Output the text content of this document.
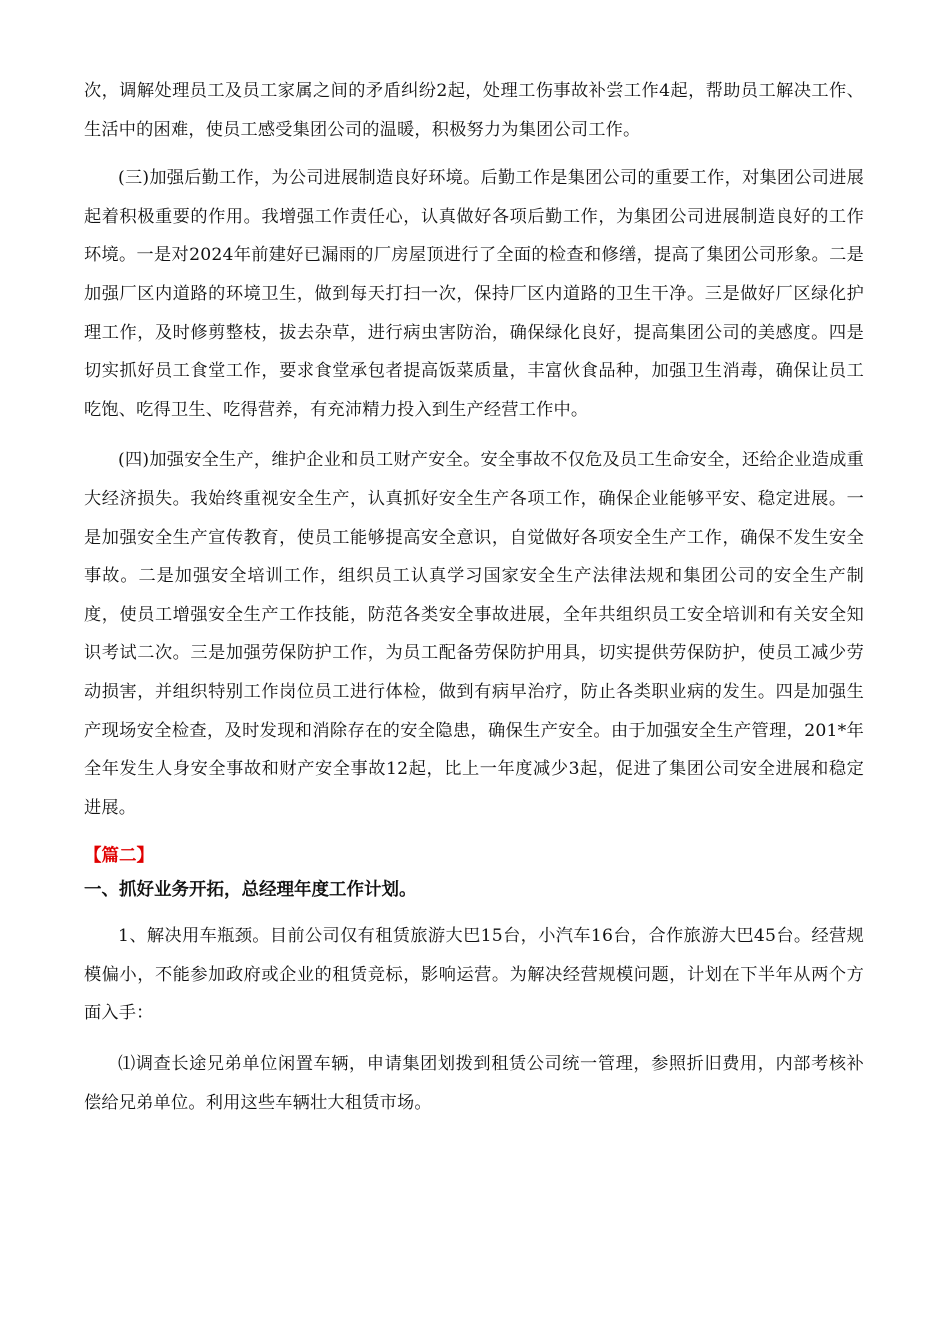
次，调解处理员工及员工家属之间的矛盾纠纷2起，处理工伤事故补尝工作4起，帮助员工解决工作、生活中的困难，使员工感受集团公司的温暖，积极努力为集团公司工作。

(三)加强后勤工作，为公司进展制造良好环境。后勤工作是集团公司的重要工作，对集团公司进展起着积极重要的作用。我增强工作责任心，认真做好各项后勤工作，为集团公司进展制造良好的工作环境。一是对2024年前建好已漏雨的厂房屋顶进行了全面的检查和修缮，提高了集团公司形象。二是加强厂区内道路的环境卫生，做到每天打扫一次，保持厂区内道路的卫生干净。三是做好厂区绿化护理工作，及时修剪整枝，拔去杂草，进行病虫害防治，确保绿化良好，提高集团公司的美感度。四是切实抓好员工食堂工作，要求食堂承包者提高饭菜质量，丰富伙食品种，加强卫生消毒，确保让员工吃饱、吃得卫生、吃得营养，有充沛精力投入到生产经营工作中。

(四)加强安全生产，维护企业和员工财产安全。安全事故不仅危及员工生命安全，还给企业造成重大经济损失。我始终重视安全生产，认真抓好安全生产各项工作，确保企业能够平安、稳定进展。一是加强安全生产宣传教育，使员工能够提高安全意识，自觉做好各项安全生产工作，确保不发生安全事故。二是加强安全培训工作，组织员工认真学习国家安全生产法律法规和集团公司的安全生产制度，使员工增强安全生产工作技能，防范各类安全事故进展，全年共组织员工安全培训和有关安全知识考试二次。三是加强劳保防护工作，为员工配备劳保防护用具，切实提供劳保防护，使员工减少劳动损害，并组织特别工作岗位员工进行体检，做到有病早治疗，防止各类职业病的发生。四是加强生产现场安全检查，及时发现和消除存在的安全隐患，确保生产安全。由于加强安全生产管理，201*年全年发生人身安全事故和财产安全事故12起，比上一年度减少3起，促进了集团公司安全进展和稳定进展。

【篇二】
一、抓好业务开拓，总经理年度工作计划。

1、解决用车瓶颈。目前公司仅有租赁旅游大巴15台，小汽车16台，合作旅游大巴45台。经营规模偏小，不能参加政府或企业的租赁竞标，影响运营。为解决经营规模问题，计划在下半年从两个方面入手：

⑴调查长途兄弟单位闲置车辆，申请集团划拨到租赁公司统一管理，参照折旧费用，内部考核补偿给兄弟单位。利用这些车辆壮大租赁市场。
